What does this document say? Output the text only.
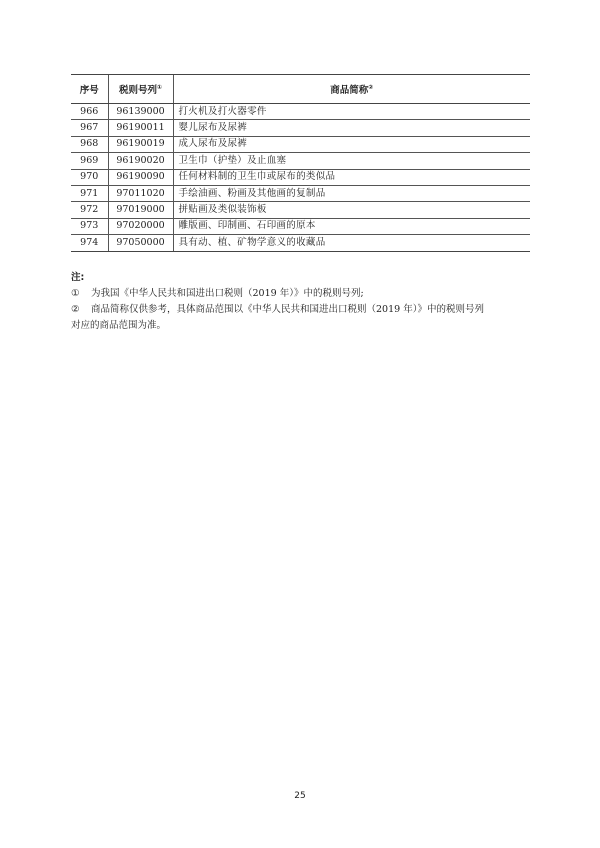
序号	税则号列①	商品简称②
966	96139000	打火机及打火器零件
967	96190011	婴儿尿布及尿裤
968	96190019	成人尿布及尿裤
969	96190020	卫生巾（护垫）及止血塞
970	96190090	任何材料制的卫生巾或尿布的类似品
971	97011020	手绘油画、粉画及其他画的复制品
972	97019000	拼贴画及类似装饰板
973	97020000	雕版画、印制画、石印画的原本
974	97050000	具有动、植、矿物学意义的收藏品
注:
① 为我国《中华人民共和国进出口税则（2019 年）》中的税则号列;
② 商品简称仅供参考，具体商品范围以《中华人民共和国进出口税则（2019 年）》中的税则号列
对应的商品范围为准。
25
